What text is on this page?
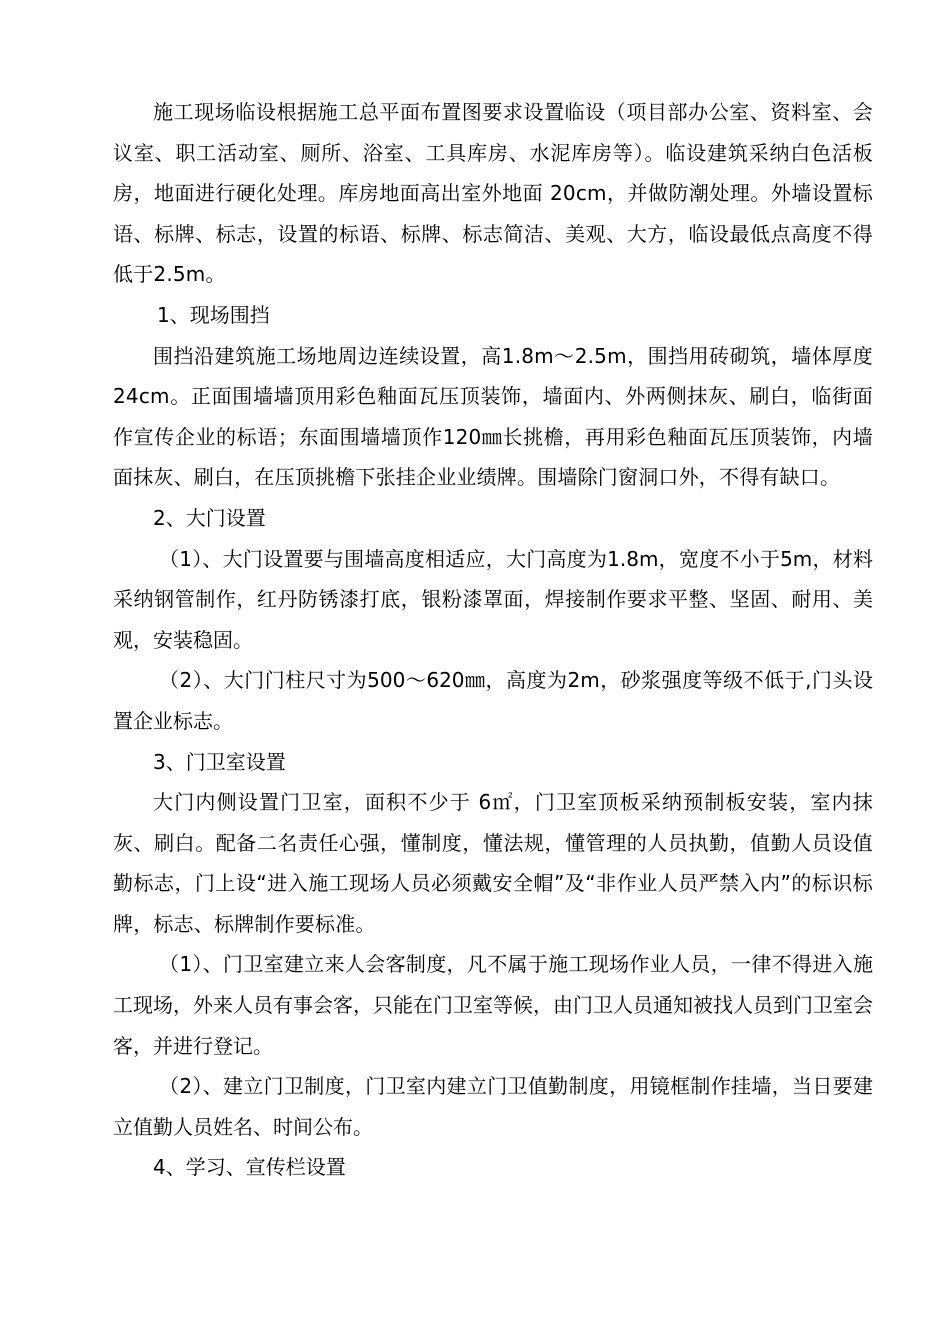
施工现场临设根据施工总平面布置图要求设置临设（项目部办公室、资料室、会议室、职工活动室、厕所、浴室、工具库房、水泥库房等）。临设建筑采纳白色活板房，地面进行硬化处理。库房地面高出室外地面 20cm，并做防潮处理。外墙设置标语、标牌、标志，设置的标语、标牌、标志简洁、美观、大方，临设最低点高度不得低于2.5m。

1、现场围挡

围挡沿建筑施工场地周边连续设置，高1.8m～2.5m，围挡用砖砌筑，墙体厚度24cm。正面围墙墙顶用彩色釉面瓦压顶装饰，墙面内、外两侧抹灰、刷白，临街面作宣传企业的标语；东面围墙墙顶作120㎜长挑檐，再用彩色釉面瓦压顶装饰，内墙面抹灰、刷白，在压顶挑檐下张挂企业业绩牌。围墙除门窗洞口外，不得有缺口。

2、大门设置

（1）、大门设置要与围墙高度相适应，大门高度为1.8m，宽度不小于5m，材料采纳钢管制作，红丹防锈漆打底，银粉漆罩面，焊接制作要求平整、坚固、耐用、美观，安装稳固。

（2）、大门门柱尺寸为500～620㎜，高度为2m，砂浆强度等级不低于,门头设置企业标志。

3、门卫室设置

大门内侧设置门卫室，面积不少于 6㎡，门卫室顶板采纳预制板安装，室内抹灰、刷白。配备二名责任心强，懂制度，懂法规，懂管理的人员执勤，值勤人员设值勤标志，门上设“进入施工现场人员必须戴安全帽”及“非作业人员严禁入内”的标识标牌，标志、标牌制作要标准。

（1）、门卫室建立来人会客制度，凡不属于施工现场作业人员，一律不得进入施工现场，外来人员有事会客，只能在门卫室等候，由门卫人员通知被找人员到门卫室会客，并进行登记。

（2）、建立门卫制度，门卫室内建立门卫值勤制度，用镜框制作挂墙，当日要建立值勤人员姓名、时间公布。

4、学习、宣传栏设置
